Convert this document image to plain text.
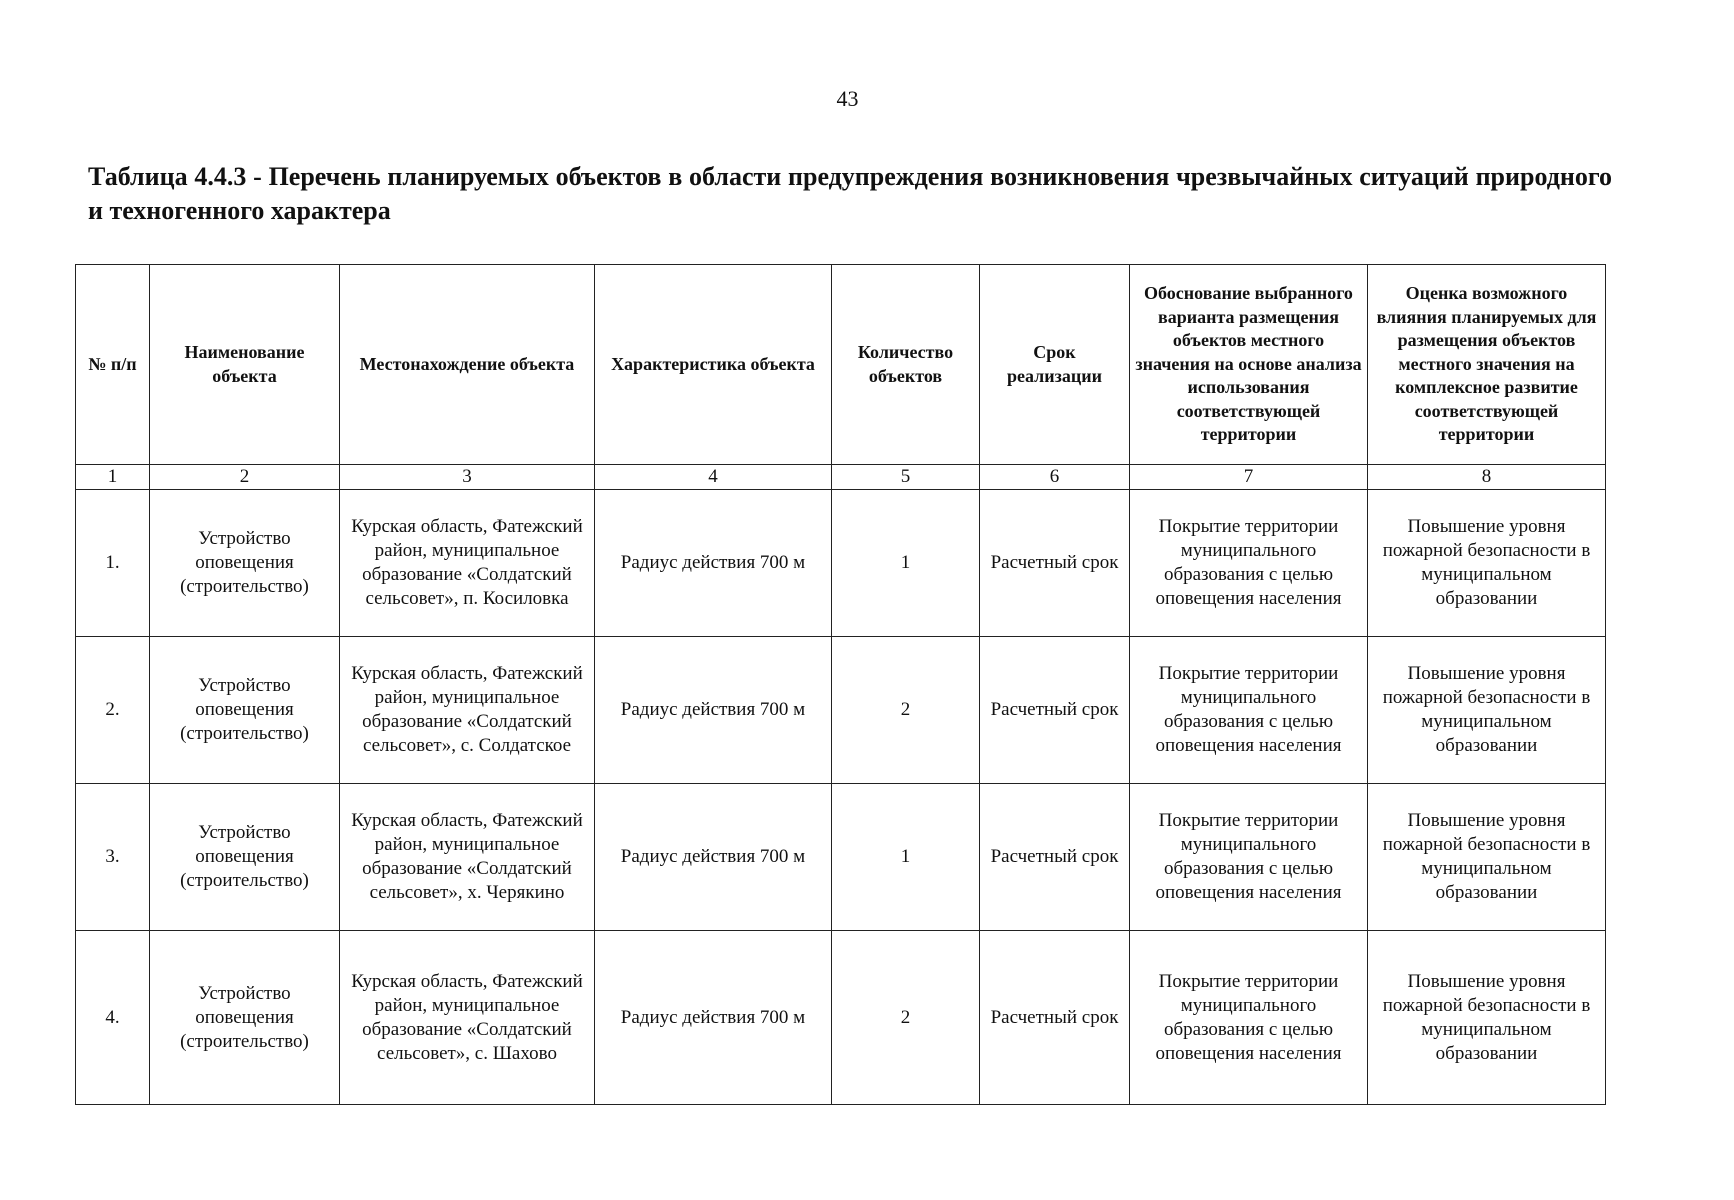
43
Таблица 4.4.3 - Перечень планируемых объектов в области предупреждения возникновения чрезвычайных ситуаций природного и техногенного характера
№ п/п	Наименование объекта	Местонахождение объекта	Характеристика объекта	Количество объектов	Срок реализации	Обоснование выбранного варианта размещения объектов местного значения на основе анализа использования соответствующей территории	Оценка возможного влияния планируемых для размещения объектов местного значения на комплексное развитие соответствующей территории
1	2	3	4	5	6	7	8
1.	Устройство оповещения (строительство)	Курская область, Фатежский район, муниципальное образование «Солдатский сельсовет», п. Косиловка	Радиус действия 700 м	1	Расчетный срок	Покрытие территории муниципального образования с целью оповещения населения	Повышение уровня пожарной безопасности в муниципальном образовании
2.	Устройство оповещения (строительство)	Курская область, Фатежский район, муниципальное образование «Солдатский сельсовет», с. Солдатское	Радиус действия 700 м	2	Расчетный срок	Покрытие территории муниципального образования с целью оповещения населения	Повышение уровня пожарной безопасности в муниципальном образовании
3.	Устройство оповещения (строительство)	Курская область, Фатежский район, муниципальное образование «Солдатский сельсовет», х. Черякино	Радиус действия 700 м	1	Расчетный срок	Покрытие территории муниципального образования с целью оповещения населения	Повышение уровня пожарной безопасности в муниципальном образовании
4.	Устройство оповещения (строительство)	Курская область, Фатежский район, муниципальное образование «Солдатский сельсовет», с. Шахово	Радиус действия 700 м	2	Расчетный срок	Покрытие территории муниципального образования с целью оповещения населения	Повышение уровня пожарной безопасности в муниципальном образовании
